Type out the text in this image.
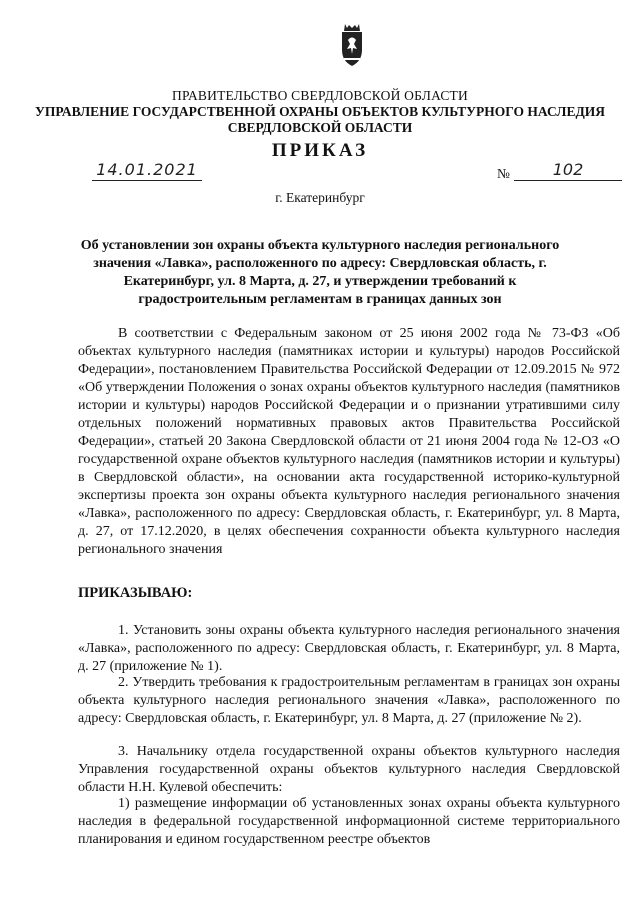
ПРАВИТЕЛЬСТВО СВЕРДЛОВСКОЙ ОБЛАСТИ
УПРАВЛЕНИЕ ГОСУДАРСТВЕННОЙ ОХРАНЫ ОБЪЕКТОВ КУЛЬТУРНОГО НАСЛЕДИЯ
СВЕРДЛОВСКОЙ ОБЛАСТИ
ПРИКАЗ
14.01.2021	№	102
г. Екатеринбург
Об установлении зон охраны объекта культурного наследия регионального значения «Лавка», расположенного по адресу: Свердловская область, г. Екатеринбург, ул. 8 Марта, д. 27, и утверждении требований к градостроительным регламентам в границах данных зон
В соответствии с Федеральным законом от 25 июня 2002 года № 73-ФЗ «Об объектах культурного наследия (памятниках истории и культуры) народов Российской Федерации», постановлением Правительства Российской Федерации от 12.09.2015 № 972 «Об утверждении Положения о зонах охраны объектов культурного наследия (памятников истории и культуры) народов Российской Федерации и о признании утратившими силу отдельных положений нормативных правовых актов Правительства Российской Федерации», статьей 20 Закона Свердловской области от 21 июня 2004 года № 12-ОЗ «О государственной охране объектов культурного наследия (памятников истории и культуры) в Свердловской области», на основании акта государственной историко-культурной экспертизы проекта зон охраны объекта культурного наследия регионального значения «Лавка», расположенного по адресу: Свердловская область, г. Екатеринбург, ул. 8 Марта, д. 27, от 17.12.2020, в целях обеспечения сохранности объекта культурного наследия регионального значения
ПРИКАЗЫВАЮ:
1. Установить зоны охраны объекта культурного наследия регионального значения «Лавка», расположенного по адресу: Свердловская область, г. Екатеринбург, ул. 8 Марта, д. 27 (приложение № 1).
2. Утвердить требования к градостроительным регламентам в границах зон охраны объекта культурного наследия регионального значения «Лавка», расположенного по адресу: Свердловская область, г. Екатеринбург, ул. 8 Марта, д. 27 (приложение № 2).
3. Начальнику отдела государственной охраны объектов культурного наследия Управления государственной охраны объектов культурного наследия Свердловской области Н.Н. Кулевой обеспечить:
1) размещение информации об установленных зонах охраны объекта культурного наследия в федеральной государственной информационной системе территориального планирования и едином государственном реестре объектов
